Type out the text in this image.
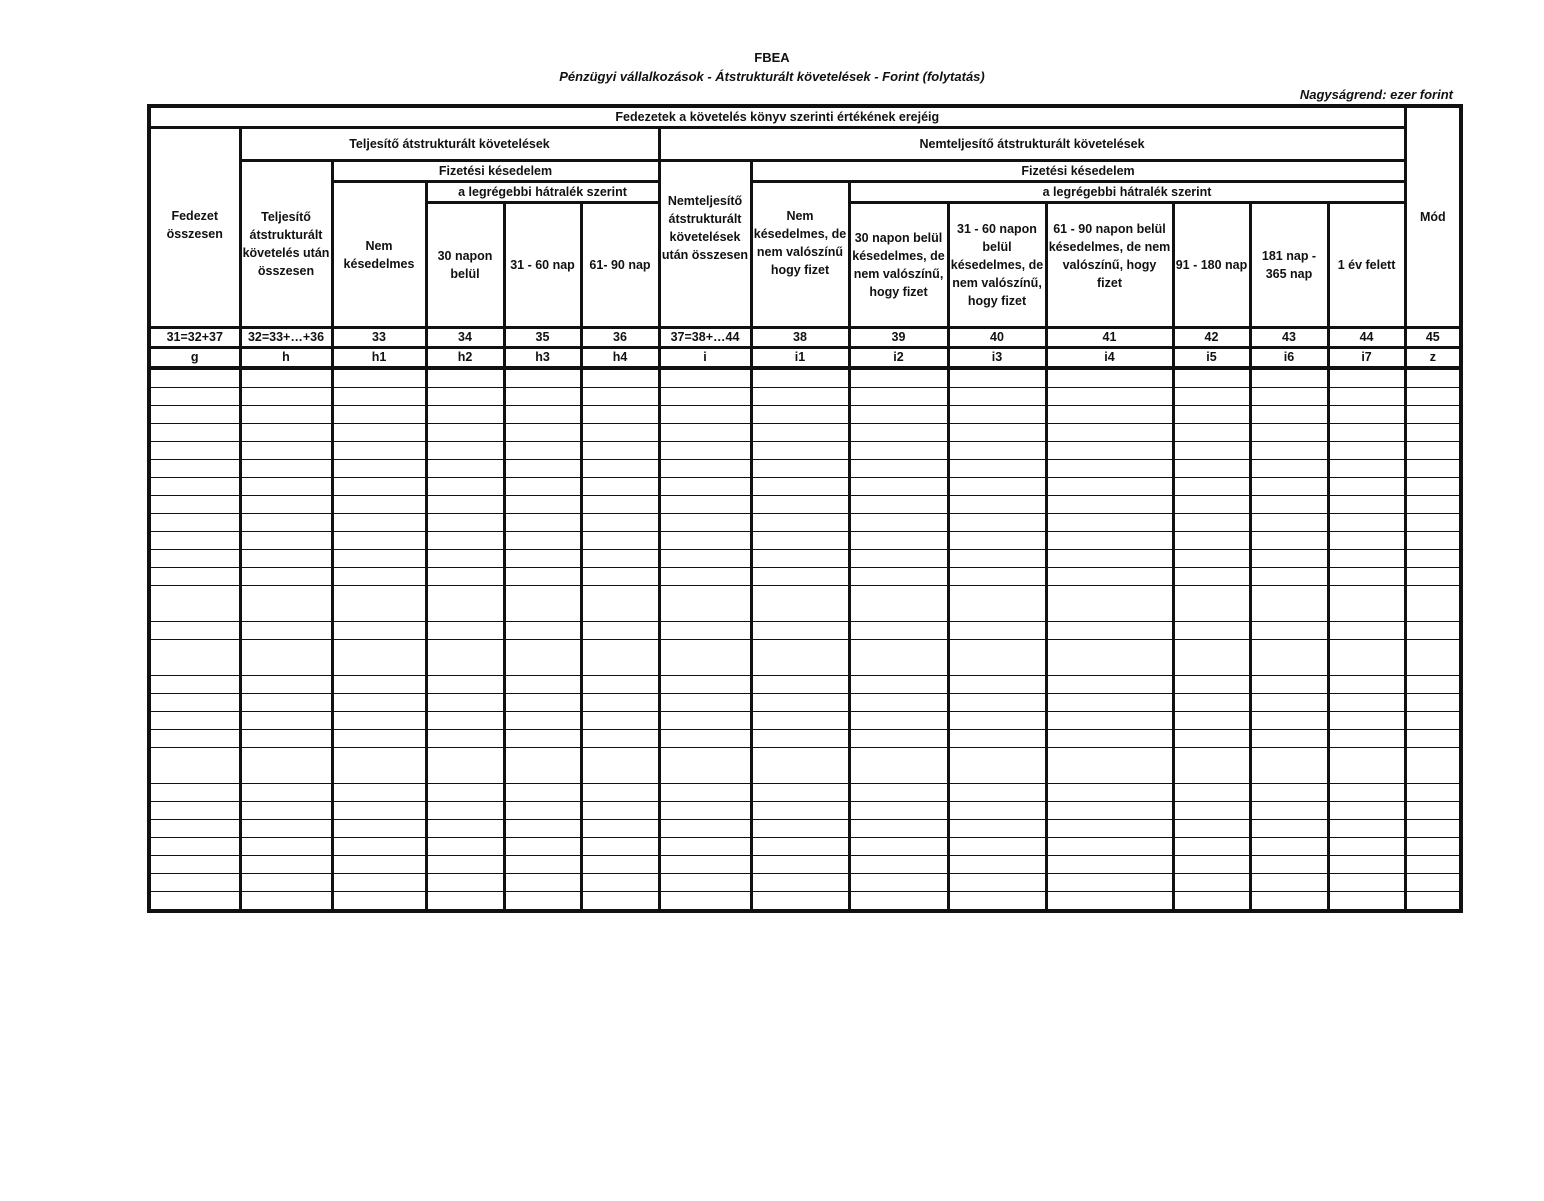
FBEA
Pénzügyi vállalkozások - Átstrukturált követelések - Forint (folytatás)
Nagyságrend: ezer forint
Fedezetek a követelés könyv szerinti értékének erejéig														Mód
Fedezet összesen	Teljesítő átstrukturált követelések					Nemteljesítő átstrukturált követelések								
	Teljesítő átstrukturált követelés után összesen	Fizetési késedelem				Nemteljesítő átstrukturált követelések után összesen	Fizetési késedelem							
		Nem késedelmes	a legrégebbi hátralék szerint				Nem késedelmes, de nem valószínű hogy fizet	a legrégebbi hátralék szerint						
			30 napon belül	31 - 60 nap	61- 90 nap			30 napon belül késedelmes, de nem valószínű, hogy fizet	31 - 60 napon belül késedelmes, de nem valószínű, hogy fizet	61 - 90 napon belül késedelmes, de nem valószínű, hogy fizet	91 - 180 nap	181 nap - 365 nap	1 év felett	
31=32+37	32=33+…+36	33	34	35	36	37=38+…44	38	39	40	41	42	43	44	45
g	h	h1	h2	h3	h4	i	i1	i2	i3	i4	i5	i6	i7	z
